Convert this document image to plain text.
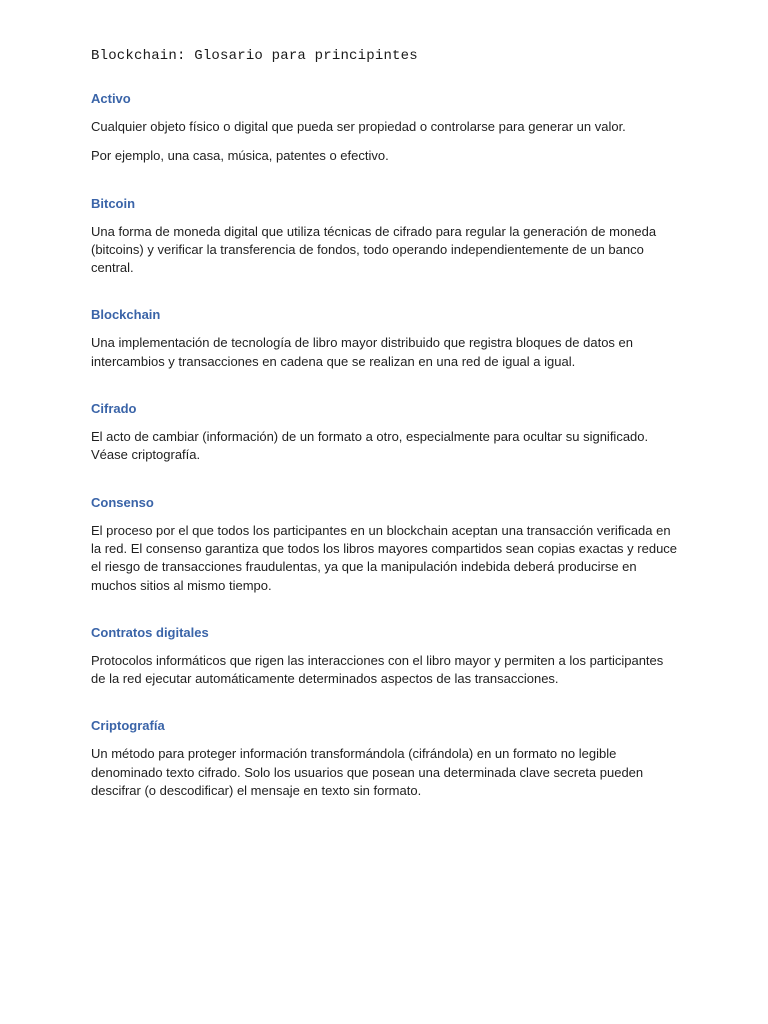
Blockchain: Glosario para principintes
Activo

Cualquier objeto físico o digital que pueda ser propiedad o controlarse para generar un valor.

Por ejemplo, una casa, música, patentes o efectivo.

Bitcoin

Una forma de moneda digital que utiliza técnicas de cifrado para regular la generación de moneda (bitcoins) y verificar la transferencia de fondos, todo operando independientemente de un banco central.

Blockchain

Una implementación de tecnología de libro mayor distribuido que registra bloques de datos en intercambios y transacciones en cadena que se realizan en una red de igual a igual.

Cifrado

El acto de cambiar (información) de un formato a otro, especialmente para ocultar su significado. Véase criptografía.

Consenso

El proceso por el que todos los participantes en un blockchain aceptan una transacción verificada en la red. El consenso garantiza que todos los libros mayores compartidos sean copias exactas y reduce el riesgo de transacciones fraudulentas, ya que la manipulación indebida deberá producirse en muchos sitios al mismo tiempo.

Contratos digitales

Protocolos informáticos que rigen las interacciones con el libro mayor y permiten a los participantes de la red ejecutar automáticamente determinados aspectos de las transacciones.

Criptografía

Un método para proteger información transformándola (cifrándola) en un formato no legible denominado texto cifrado. Solo los usuarios que posean una determinada clave secreta pueden descifrar (o descodificar) el mensaje en texto sin formato.
